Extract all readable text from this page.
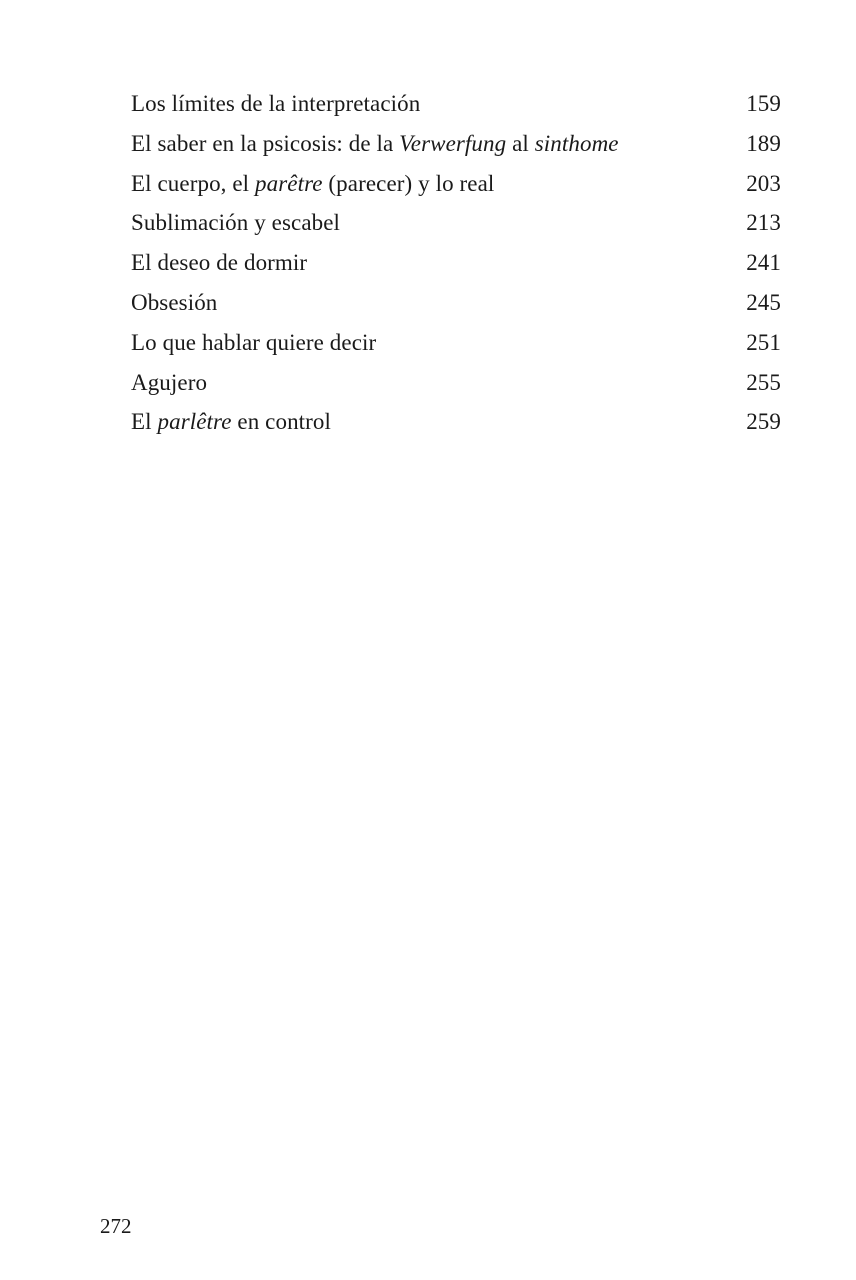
Los límites de la interpretación	159
El saber en la psicosis: de la Verwerfung al sinthome	189
El cuerpo, el parêtre (parecer) y lo real	203
Sublimación y escabel	213
El deseo de dormir	241
Obsesión	245
Lo que hablar quiere decir	251
Agujero	255
El parlêtre en control	259
272
